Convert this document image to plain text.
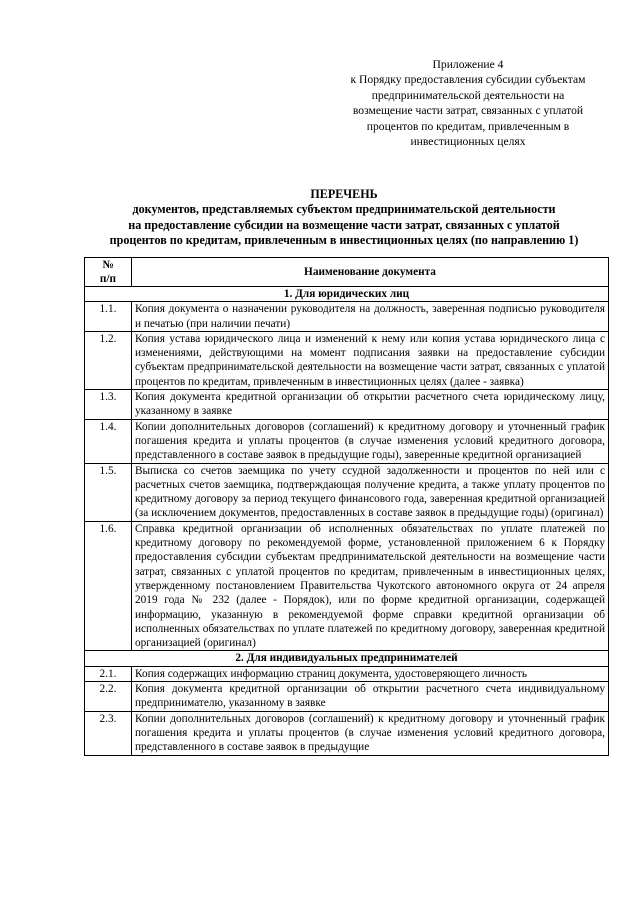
Приложение 4
к Порядку предоставления субсидии субъектам
предпринимательской деятельности на
возмещение части затрат, связанных с уплатой
процентов по кредитам, привлеченным в
инвестиционных целях
ПЕРЕЧЕНЬ
документов, представляемых субъектом предпринимательской деятельности
на предоставление субсидии на возмещение части затрат, связанных с уплатой
процентов по кредитам, привлеченным в инвестиционных целях (по направлению 1)
№
п/п	Наименование документа
1. Для юридических лиц	
1.1.	Копия документа о назначении руководителя на должность, заверенная подписью руководителя и печатью (при наличии печати)
1.2.	Копия устава юридического лица и изменений к нему или копия устава юридического лица с изменениями, действующими на момент подписания заявки на предоставление субсидии субъектам предпринимательской деятельности на возмещение части затрат, связанных с уплатой процентов по кредитам, привлеченным в инвестиционных целях (далее - заявка)
1.3.	Копия документа кредитной организации об открытии расчетного счета юридическому лицу, указанному в заявке
1.4.	Копии дополнительных договоров (соглашений) к кредитному договору и уточненный график погашения кредита и уплаты процентов (в случае изменения условий кредитного договора, представленного в составе заявок в предыдущие годы), заверенные кредитной организацией
1.5.	Выписка со счетов заемщика по учету ссудной задолженности и процентов по ней или с расчетных счетов заемщика, подтверждающая получение кредита, а также уплату процентов по кредитному договору за период текущего финансового года, заверенная кредитной организацией (за исключением документов, предоставленных в составе заявок в предыдущие годы) (оригинал)
1.6.	Справка кредитной организации об исполненных обязательствах по уплате платежей по кредитному договору по рекомендуемой форме, установленной приложением 6 к Порядку предоставления субсидии субъектам предпринимательской деятельности на возмещение части затрат, связанных с уплатой процентов по кредитам, привлеченным в инвестиционных целях, утвержденному постановлением Правительства Чукотского автономного округа от 24 апреля 2019 года № 232 (далее - Порядок), или по форме кредитной организации, содержащей информацию, указанную в рекомендуемой форме справки кредитной организации об исполненных обязательствах по уплате платежей по кредитному договору, заверенная кредитной организацией (оригинал)
2. Для индивидуальных предпринимателей	
2.1.	Копия содержащих информацию страниц документа, удостоверяющего личность
2.2.	Копия документа кредитной организации об открытии расчетного счета индивидуальному предпринимателю, указанному в заявке
2.3.	Копии дополнительных договоров (соглашений) к кредитному договору и уточненный график погашения кредита и уплаты процентов (в случае изменения условий кредитного договора, представленного в составе заявок в предыдущие
